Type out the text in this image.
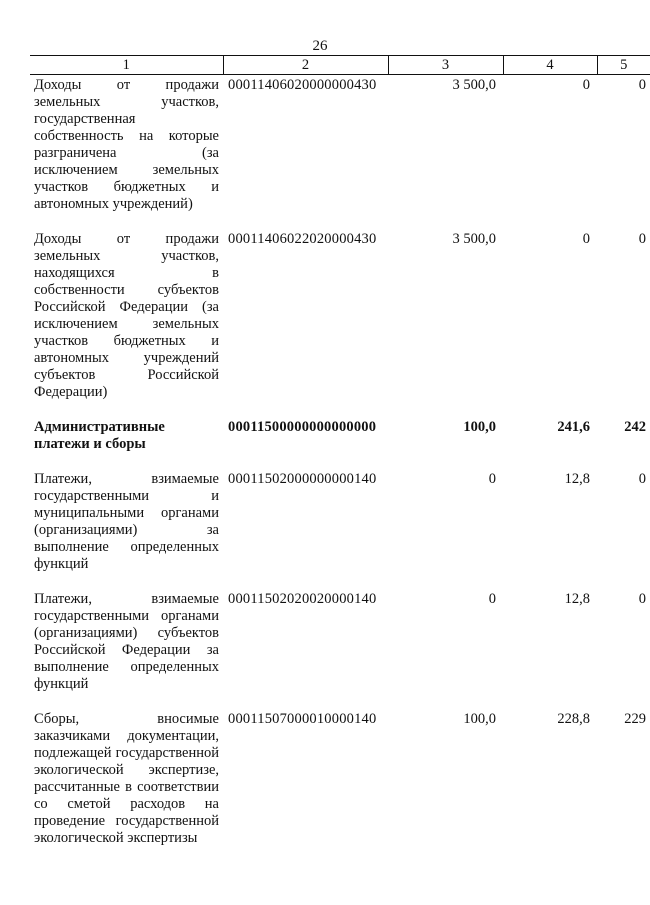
26
1	2	3	4	5
Доходы от продажи земельных участков, государственная собственность на которые разграничена (за исключением земельных участков бюджетных и автономных учреждений)	00011406020000000430	3 500,0	0	0
Доходы от продажи земельных участков, находящихся в собственности субъектов Российской Федерации (за исключением земельных участков бюджетных и автономных учреждений субъектов Российской Федерации)	00011406022020000430	3 500,0	0	0
Административные платежи и сборы	00011500000000000000	100,0	241,6	242
Платежи, взимаемые государственными и муниципальными органами (организациями) за выполнение определенных функций	00011502000000000140	0	12,8	0
Платежи, взимаемые государственными органами (организациями) субъектов Российской Федерации за выполнение определенных функций	00011502020020000140	0	12,8	0
Сборы, вносимые заказчиками документации, подлежащей государственной экологической экспертизе, рассчитанные в соответствии со сметой расходов на проведение государственной экологической экспертизы	00011507000010000140	100,0	228,8	229
